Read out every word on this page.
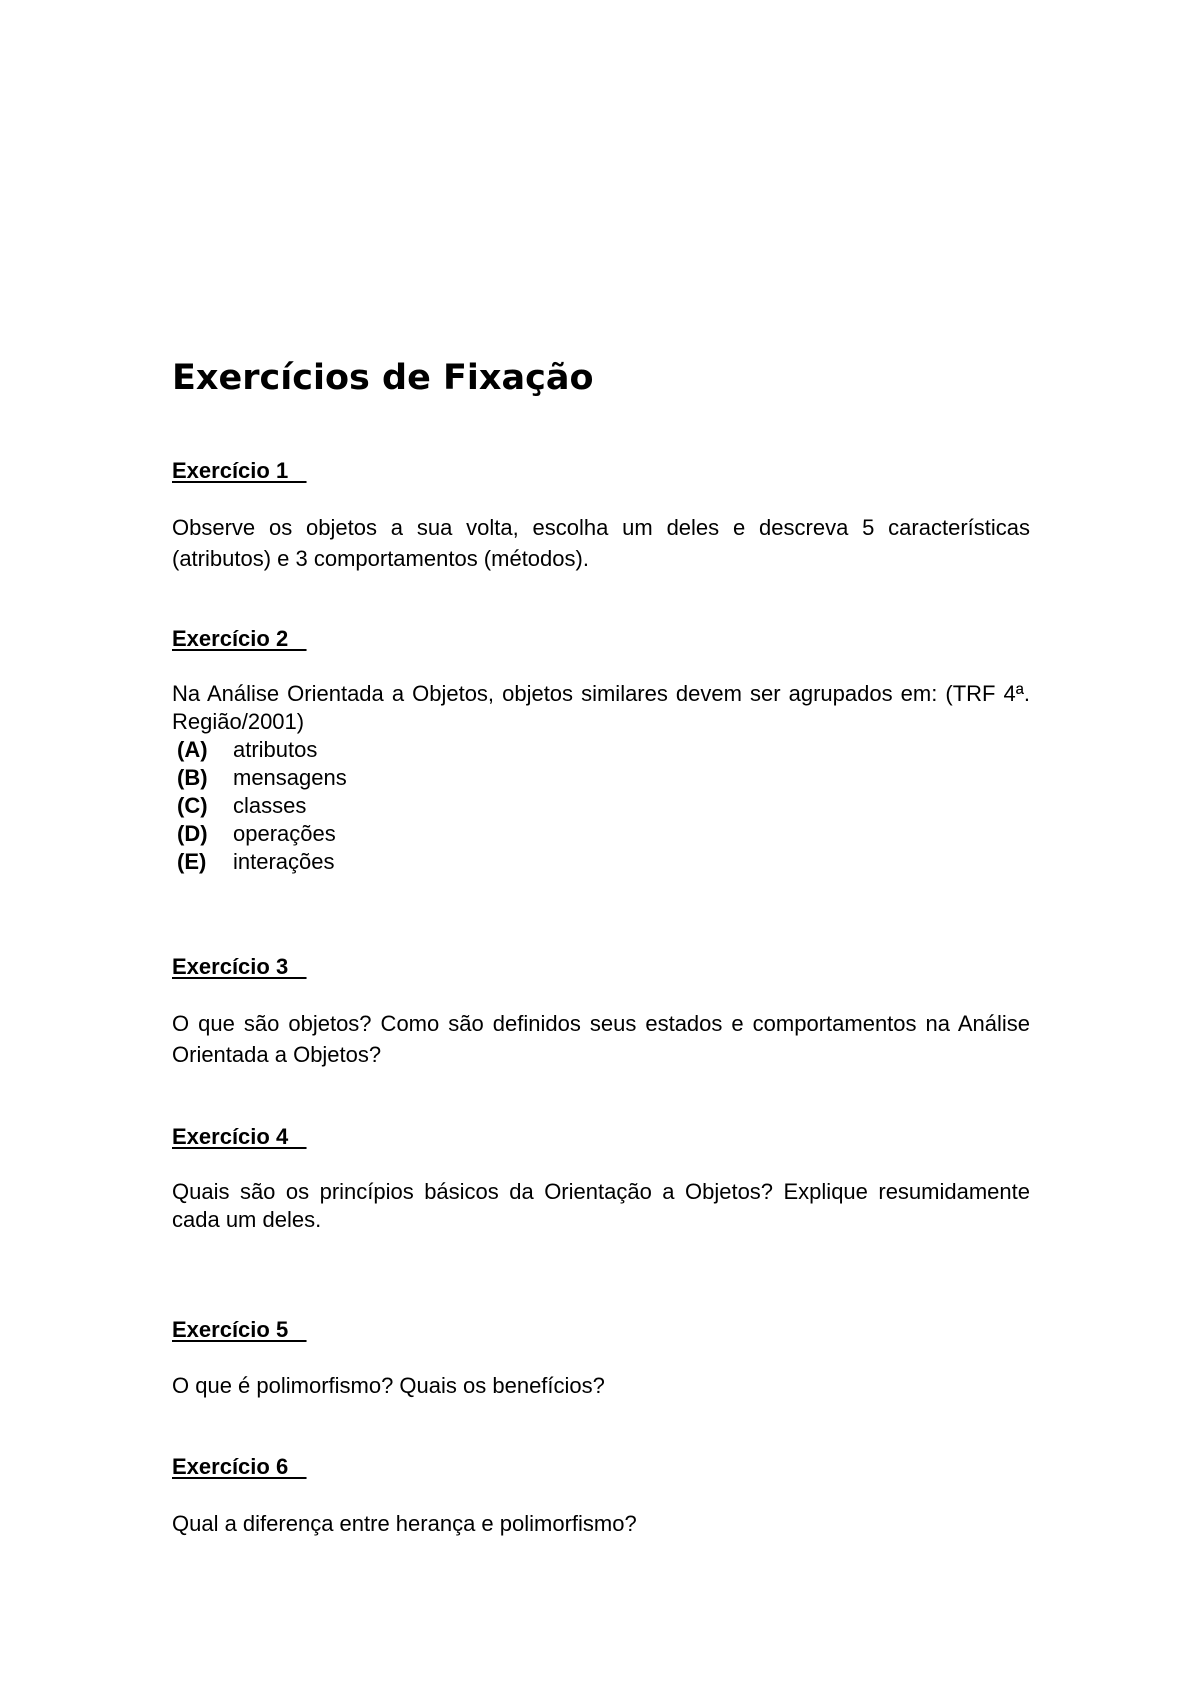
Exercícios de Fixação
Exercício 1

Observe os objetos a sua volta, escolha um deles e descreva 5 características (atributos) e 3 comportamentos (métodos).

Exercício 2

Na Análise Orientada a Objetos, objetos similares devem ser agrupados em: (TRF 4ª. Região/2001)

(A)	atributos
(B)	mensagens
(C)	classes
(D)	operações
(E)	interações
Exercício 3

O que são objetos? Como são definidos seus estados e comportamentos na Análise Orientada a Objetos?

Exercício 4

Quais são os princípios básicos da Orientação a Objetos? Explique resumidamente cada um deles.

Exercício 5

O que é polimorfismo? Quais os benefícios?

Exercício 6

Qual a diferença entre herança e polimorfismo?
